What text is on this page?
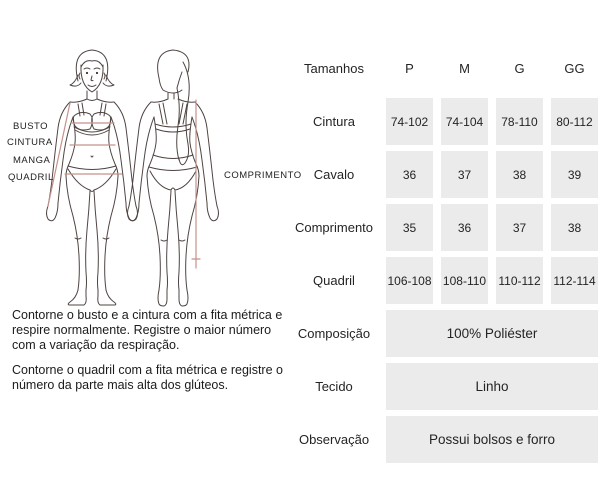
BUSTO
CINTURA
MANGA
QUADRIL	COMPRIMENTO

Contorne o busto e a cintura com a fita métrica e respire normalmente. Registre o maior número com a variação da respiração.

Contorne o quadril com a fita métrica e registre o número da parte mais alta dos glúteos.

Tamanhos	P	M	G	GG
Cintura	74-102	74-104	78-110	80-112
Cavalo	36	37	38	39
Comprimento	35	36	37	38
Quadril	106-108 108-110 110-112 112-114
Composição	100% Poliéster
Tecido	Linho
Observação	Possui bolsos e forro
